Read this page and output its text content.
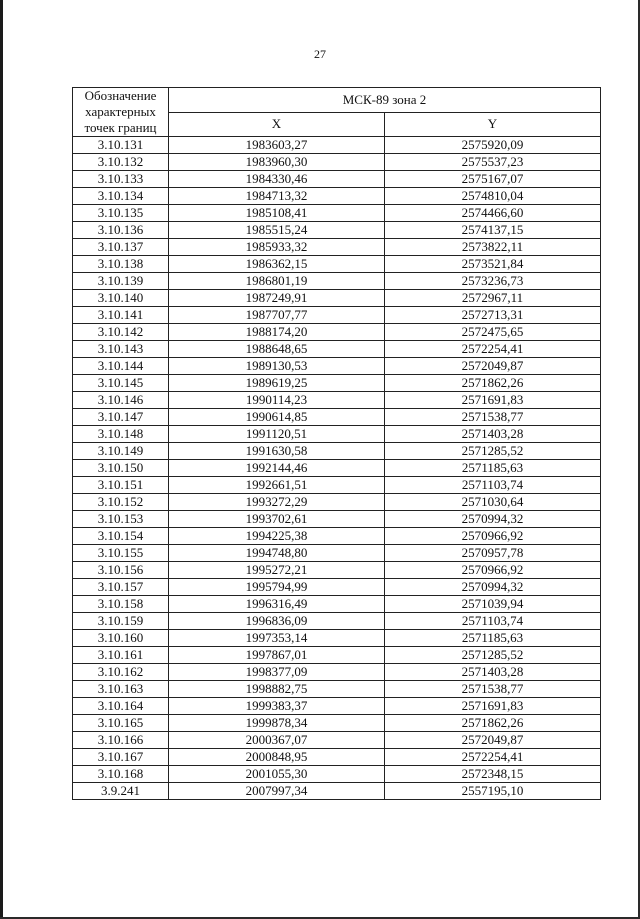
27
Обозначение характерных точек границ	МСК-89 зона 2	
	X	Y
3.10.131	1983603,27	2575920,09
3.10.132	1983960,30	2575537,23
3.10.133	1984330,46	2575167,07
3.10.134	1984713,32	2574810,04
3.10.135	1985108,41	2574466,60
3.10.136	1985515,24	2574137,15
3.10.137	1985933,32	2573822,11
3.10.138	1986362,15	2573521,84
3.10.139	1986801,19	2573236,73
3.10.140	1987249,91	2572967,11
3.10.141	1987707,77	2572713,31
3.10.142	1988174,20	2572475,65
3.10.143	1988648,65	2572254,41
3.10.144	1989130,53	2572049,87
3.10.145	1989619,25	2571862,26
3.10.146	1990114,23	2571691,83
3.10.147	1990614,85	2571538,77
3.10.148	1991120,51	2571403,28
3.10.149	1991630,58	2571285,52
3.10.150	1992144,46	2571185,63
3.10.151	1992661,51	2571103,74
3.10.152	1993272,29	2571030,64
3.10.153	1993702,61	2570994,32
3.10.154	1994225,38	2570966,92
3.10.155	1994748,80	2570957,78
3.10.156	1995272,21	2570966,92
3.10.157	1995794,99	2570994,32
3.10.158	1996316,49	2571039,94
3.10.159	1996836,09	2571103,74
3.10.160	1997353,14	2571185,63
3.10.161	1997867,01	2571285,52
3.10.162	1998377,09	2571403,28
3.10.163	1998882,75	2571538,77
3.10.164	1999383,37	2571691,83
3.10.165	1999878,34	2571862,26
3.10.166	2000367,07	2572049,87
3.10.167	2000848,95	2572254,41
3.10.168	2001055,30	2572348,15
3.9.241	2007997,34	2557195,10
